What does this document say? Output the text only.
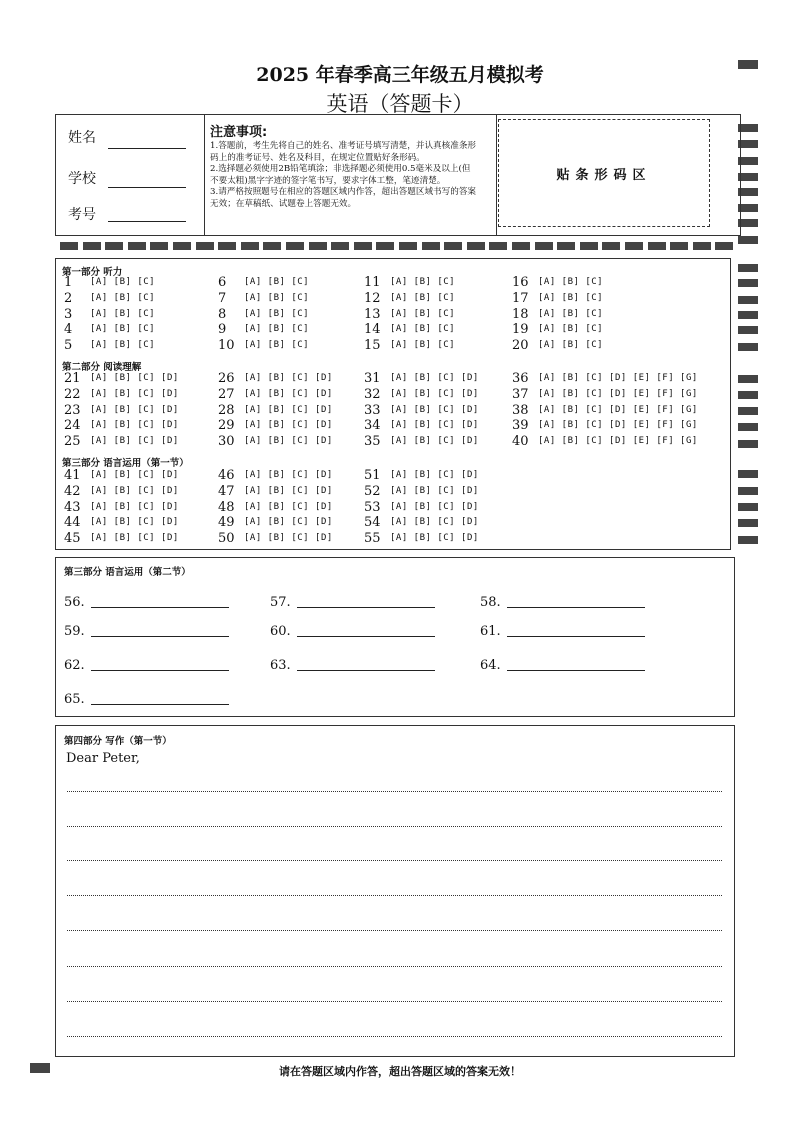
2025 年春季高三年级五月模拟考
英语（答题卡）
姓名
学校
考号
注意事项:
1.答题前，考生先将自己的姓名、准考证号填写清楚，并认真核准条形码上的准考证号、姓名及科目，在规定位置贴好条形码。
2.选择题必须使用2B铅笔填涂；非选择题必须使用0.5毫米及以上(但不要太粗)黑字字迹的签字笔书写，要求字体工整，笔迹清楚。
3.请严格按照题号在相应的答题区域内作答，超出答题区域书写的答案无效；在草稿纸、试题卷上答题无效。
贴条形码区
第一部分 听力
第二部分 阅读理解
第三部分 语言运用（第一节）
1 [A] [B] [C]
2 [A] [B] [C]
3 [A] [B] [C]
4 [A] [B] [C]
5 [A] [B] [C]
6 [A] [B] [C]
7 [A] [B] [C]
8 [A] [B] [C]
9 [A] [B] [C]
10 [A] [B] [C]
11 [A] [B] [C]
12 [A] [B] [C]
13 [A] [B] [C]
14 [A] [B] [C]
15 [A] [B] [C]
16 [A] [B] [C]
17 [A] [B] [C]
18 [A] [B] [C]
19 [A] [B] [C]
20 [A] [B] [C]
21 [A] [B] [C] [D]
22 [A] [B] [C] [D]
23 [A] [B] [C] [D]
24 [A] [B] [C] [D]
25 [A] [B] [C] [D]
26 [A] [B] [C] [D]
27 [A] [B] [C] [D]
28 [A] [B] [C] [D]
29 [A] [B] [C] [D]
30 [A] [B] [C] [D]
31 [A] [B] [C] [D]
32 [A] [B] [C] [D]
33 [A] [B] [C] [D]
34 [A] [B] [C] [D]
35 [A] [B] [C] [D]
36 [A] [B] [C] [D] [E] [F] [G]
37 [A] [B] [C] [D] [E] [F] [G]
38 [A] [B] [C] [D] [E] [F] [G]
39 [A] [B] [C] [D] [E] [F] [G]
40 [A] [B] [C] [D] [E] [F] [G]
41 [A] [B] [C] [D]
42 [A] [B] [C] [D]
43 [A] [B] [C] [D]
44 [A] [B] [C] [D]
45 [A] [B] [C] [D]
46 [A] [B] [C] [D]
47 [A] [B] [C] [D]
48 [A] [B] [C] [D]
49 [A] [B] [C] [D]
50 [A] [B] [C] [D]
51 [A] [B] [C] [D]
52 [A] [B] [C] [D]
53 [A] [B] [C] [D]
54 [A] [B] [C] [D]
55 [A] [B] [C] [D]
第三部分 语言运用（第二节）
56.	57.	58.
59.	60.	61.
62.	63.	64.
65.
第四部分 写作（第一节）
Dear Peter,
请在答题区域内作答，超出答题区域的答案无效！
